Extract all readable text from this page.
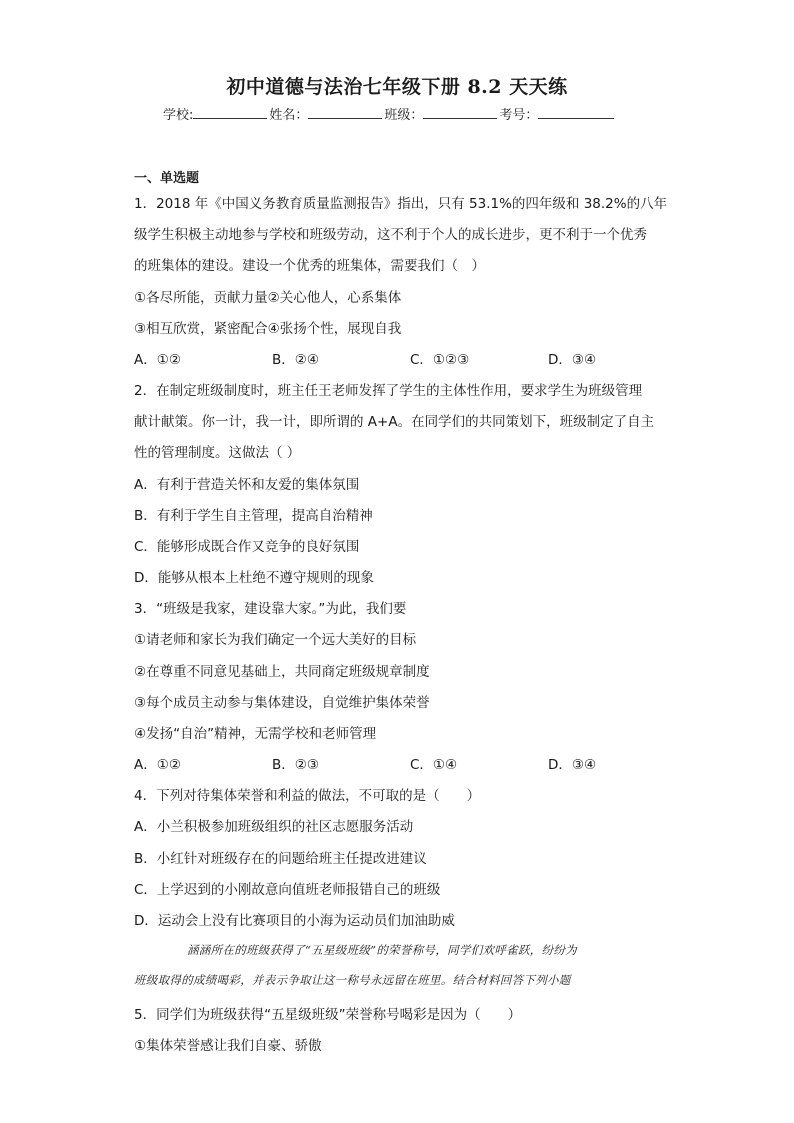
初中道德与法治七年级下册 8.2 天天练
学校:	姓名：	班级：	考号：
一、单选题
1．2018 年《中国义务教育质量监测报告》指出，只有 53.1%的四年级和 38.2%的八年
级学生积极主动地参与学校和班级劳动，这不利于个人的成长进步，更不利于一个优秀
的班集体的建设。建设一个优秀的班集体，需要我们（　）
①各尽所能，贡献力量②关心他人，心系集体
③相互欣赏，紧密配合④张扬个性，展现自我
A．①②	B．②④	C．①②③	D．③④
2．在制定班级制度时，班主任王老师发挥了学生的主体性作用，要求学生为班级管理
献计献策。你一计，我一计，即所谓的 A+A。在同学们的共同策划下，班级制定了自主
性的管理制度。这做法（ ）
A．有利于营造关怀和友爱的集体氛围
B．有利于学生自主管理，提高自治精神
C．能够形成既合作又竞争的良好氛围
D．能够从根本上杜绝不遵守规则的现象
3．“班级是我家，建设靠大家。”为此，我们要
①请老师和家长为我们确定一个远大美好的目标
②在尊重不同意见基础上，共同商定班级规章制度
③每个成员主动参与集体建设，自觉维护集体荣誉
④发扬“自治”精神，无需学校和老师管理
A．①②	B．②③	C．①④	D．③④
4．下列对待集体荣誉和利益的做法，不可取的是（　　）
A．小兰积极参加班级组织的社区志愿服务活动
B．小红针对班级存在的问题给班主任提改进建议
C．上学迟到的小刚故意向值班老师报错自己的班级
D．运动会上没有比赛项目的小海为运动员们加油助威
涵涵所在的班级获得了“五星级班级”的荣誉称号，同学们欢呼雀跃，纷纷为
班级取得的成绩喝彩，并表示争取让这一称号永远留在班里。结合材料回答下列小题
5．同学们为班级获得“五星级班级”荣誉称号喝彩是因为（　　）
①集体荣誉感让我们自豪、骄傲
